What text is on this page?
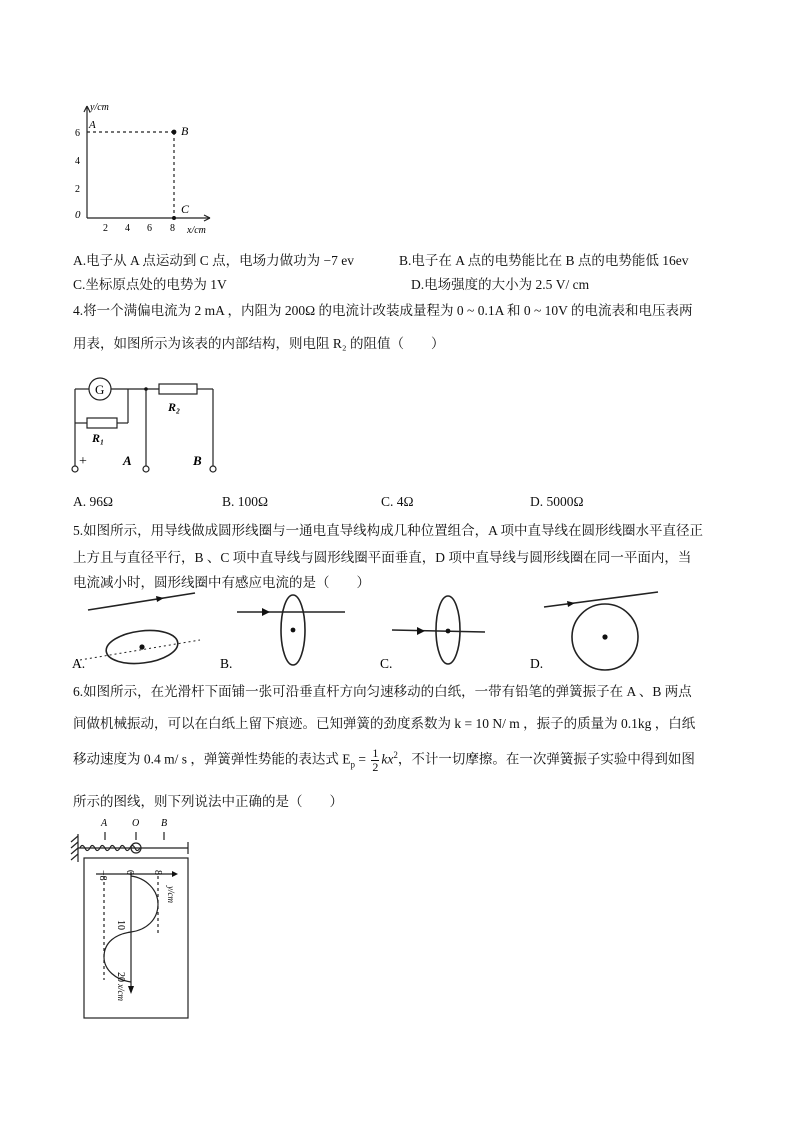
y/cm
A
6
4
2
0
B
C
2 4 6 8 x/cm
A.电子从 A 点运动到 C 点，电场力做功为 −7 ev	B.电子在 A 点的电势能比在 B 点的电势能低 16ev
C.坐标原点处的电势为 1V	D.电场强度的大小为 2.5 V/ cm
4.将一个满偏电流为 2 mA ，内阻为 200Ω 的电流计改装成量程为 0 ~ 0.1A 和 0 ~ 10V 的电流表和电压表两
用表，如图所示为该表的内部结构，则电阻 R₂ 的阻值（　　）
G
R₂
R₁
+	A	B
A. 96Ω	B. 100Ω	C. 4Ω	D. 5000Ω
5.如图所示，用导线做成圆形线圈与一通电直导线构成几种位置组合，A 项中直导线在圆形线圈水平直径正
上方且与直径平行，B 、C 项中直导线与圆形线圈平面垂直，D 项中直导线与圆形线圈在同一平面内，当
电流减小时，圆形线圈中有感应电流的是（　　）
A.	B.	C.	D.
6.如图所示，在光滑杆下面铺一张可沿垂直杆方向匀速移动的白纸，一带有铅笔的弹簧振子在 A 、B 两点
间做机械振动，可以在白纸上留下痕迹。已知弹簧的劲度系数为 k = 10 N/ m ，振子的质量为 0.1kg ，白纸
移动速度为 0.4 m/ s ，弹簧弹性势能的表达式 $E_p = \frac{1}{2} kx^2$，不计一切摩擦。在一次弹簧振子实验中得到如图
所示的图线，则下列说法中正确的是（　　）
A O B
−8 0 8
y/cm
10
20
x/cm
